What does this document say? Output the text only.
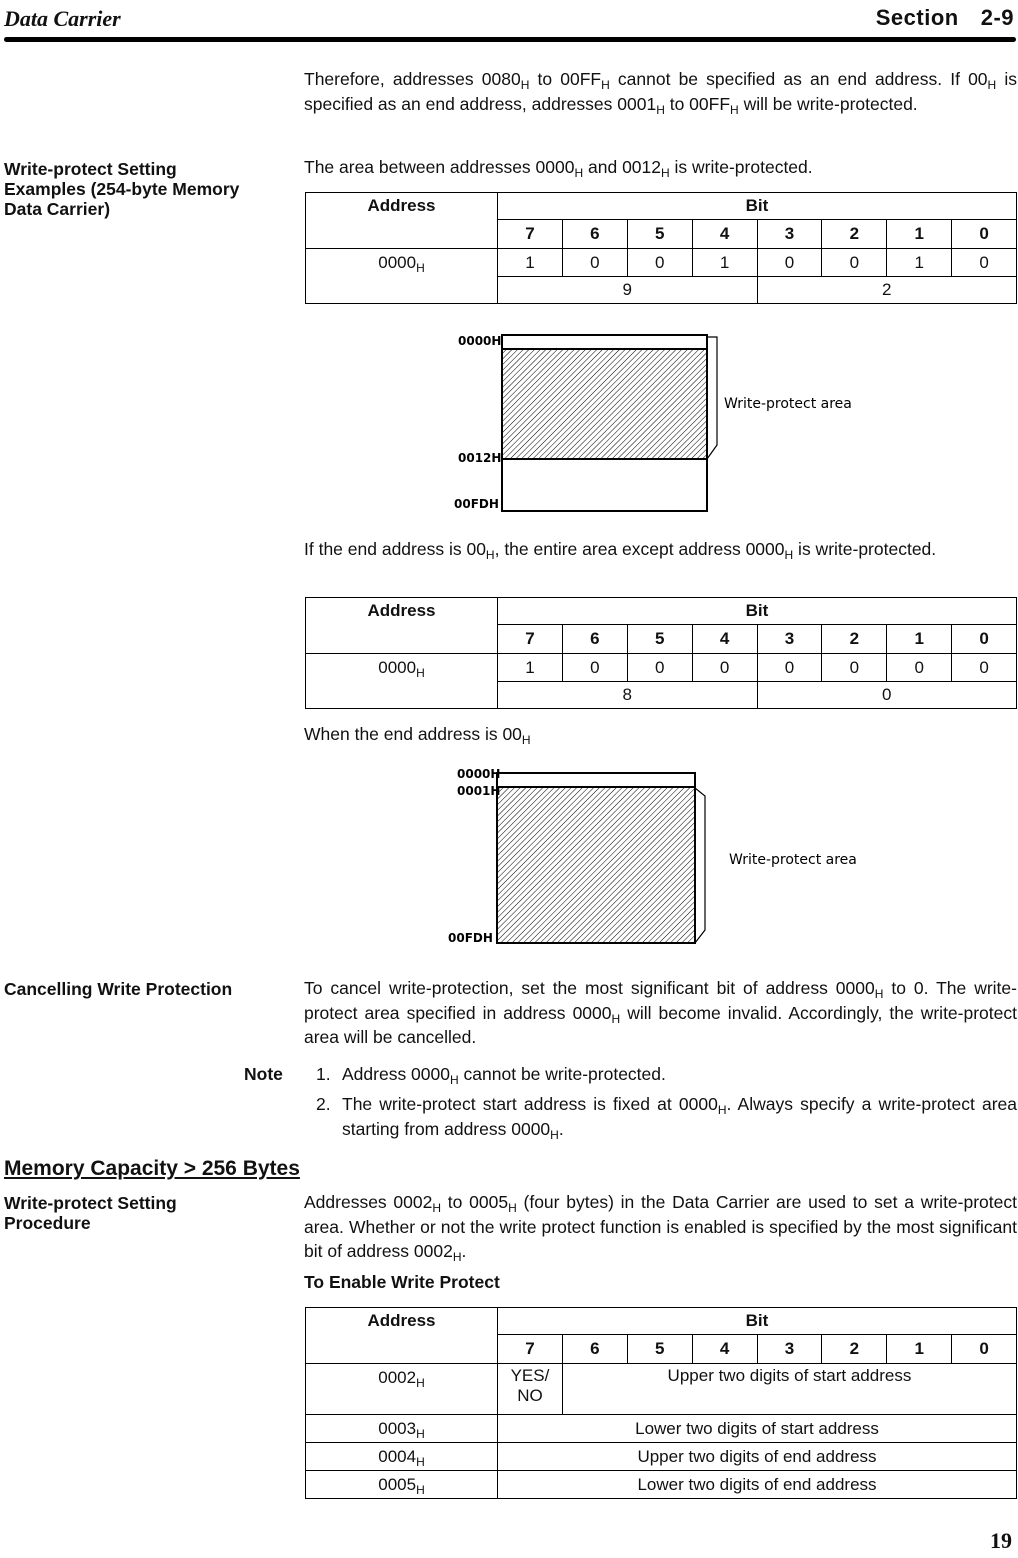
Data Carrier	Section 2-9
Therefore, addresses $0080_H$ to $00FF_H$ cannot be specified as an end address. If $00_H$ is specified as an end address, addresses $0001_H$ to $00FF_H$ will be write-protected.
Write-protect Setting Examples (254-byte Memory Data Carrier)
The area between addresses $0000_H$ and $0012_H$ is write-protected.
Address	Bit							
	7	6	5	4	3	2	1	0
$0000_H$	1	0	0	1	0	0	1	0
	9				2			
0000H
0012H
00FDH
Write-protect area
If the end address is $00_H$, the entire area except address $0000_H$ is write-protected.
Address	Bit							
	7	6	5	4	3	2	1	0
$0000_H$	1	0	0	0	0	0	0	0
	8				0			
When the end address is $00_H$
0000H
0001H
00FDH
Write-protect area
Cancelling Write Protection	To cancel write-protection, set the most significant bit of address $0000_H$ to 0. The write-protect area specified in address $0000_H$ will become invalid. Accordingly, the write-protect area will be cancelled.
Note 1. Address $0000_H$ cannot be write-protected.
2. The write-protect start address is fixed at $0000_H$. Always specify a write-protect area starting from address $0000_H$.
Memory Capacity > 256 Bytes
Write-protect Setting Procedure
Addresses $0002_H$ to $0005_H$ (four bytes) in the Data Carrier are used to set a write-protect area. Whether or not the write protect function is enabled is specified by the most significant bit of address $0002_H$.
To Enable Write Protect
Address	Bit							
	7	6	5	4	3	2	1	0
$0002_H$	YES/ NO	Upper two digits of start address						
$0003_H$	Lower two digits of start address							
$0004_H$	Upper two digits of end address							
$0005_H$	Lower two digits of end address							
19
